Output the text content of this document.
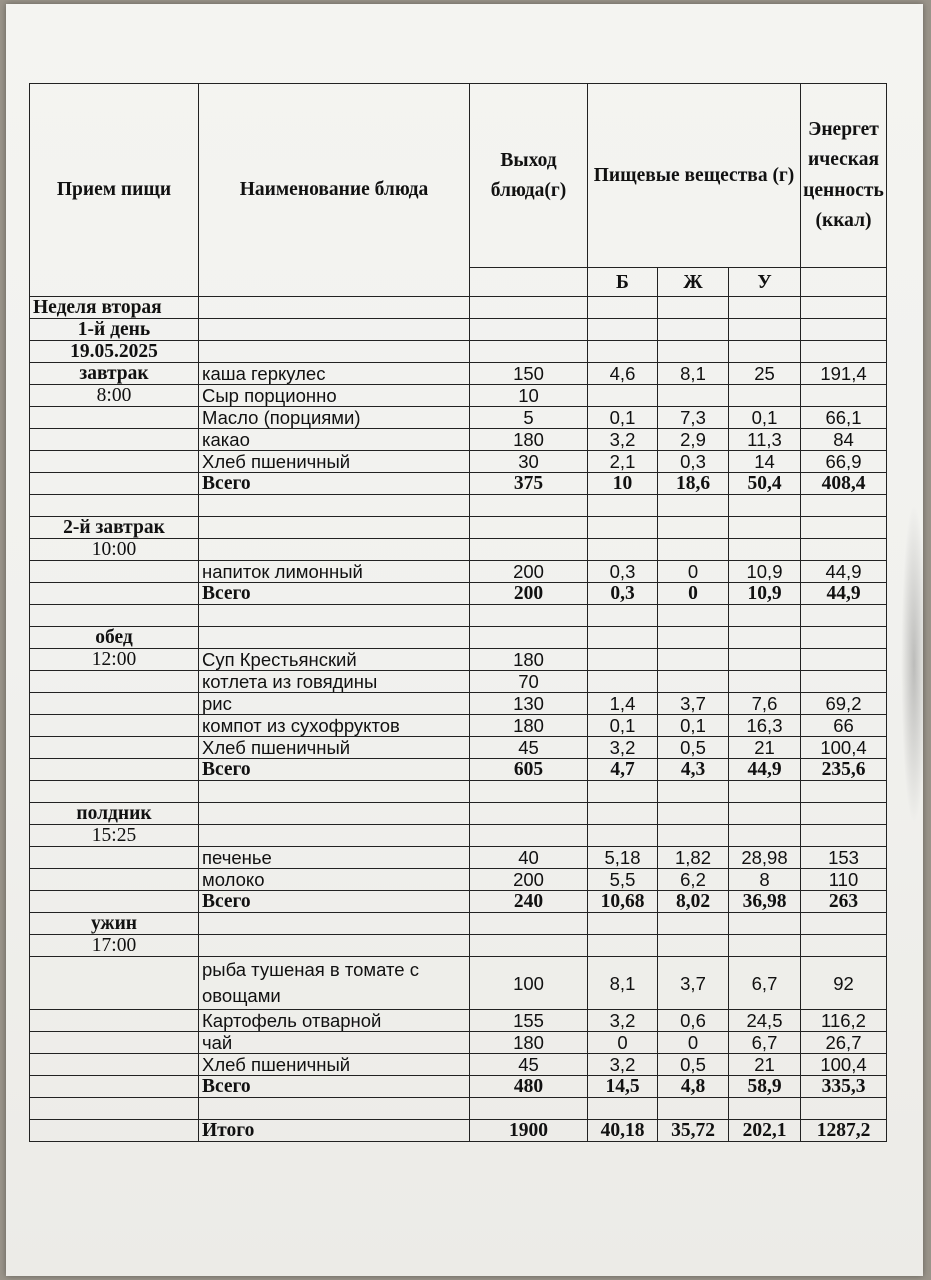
Прием пищи	Наименование блюда	Выход блюда(г)	Пищевые вещества (г)			Энергетическая ценность (ккал)
			Б	Ж	У	
Неделя вторая						
1-й день						
19.05.2025						
завтрак	каша геркулес	150	4,6	8,1	25	191,4
8:00	Сыр порционно	10				
	Масло (порциями)	5	0,1	7,3	0,1	66,1
	какао	180	3,2	2,9	11,3	84
	Хлеб пшеничный	30	2,1	0,3	14	66,9
	Всего	375	10	18,6	50,4	408,4

2-й завтрак						
10:00						
	напиток лимонный	200	0,3	0	10,9	44,9
	Всего	200	0,3	0	10,9	44,9

обед						
12:00	Суп Крестьянский	180				
	котлета из говядины	70				
	рис	130	1,4	3,7	7,6	69,2
	компот из сухофруктов	180	0,1	0,1	16,3	66
	Хлеб пшеничный	45	3,2	0,5	21	100,4
	Всего	605	4,7	4,3	44,9	235,6

полдник						
15:25						
	печенье	40	5,18	1,82	28,98	153
	молоко	200	5,5	6,2	8	110
	Всего	240	10,68	8,02	36,98	263
ужин						
17:00						
	рыба тушеная в томате с овощами	100	8,1	3,7	6,7	92
	Картофель отварной	155	3,2	0,6	24,5	116,2
	чай	180	0	0	6,7	26,7
	Хлеб пшеничный	45	3,2	0,5	21	100,4
	Всего	480	14,5	4,8	58,9	335,3

	Итого	1900	40,18	35,72	202,1	1287,2
